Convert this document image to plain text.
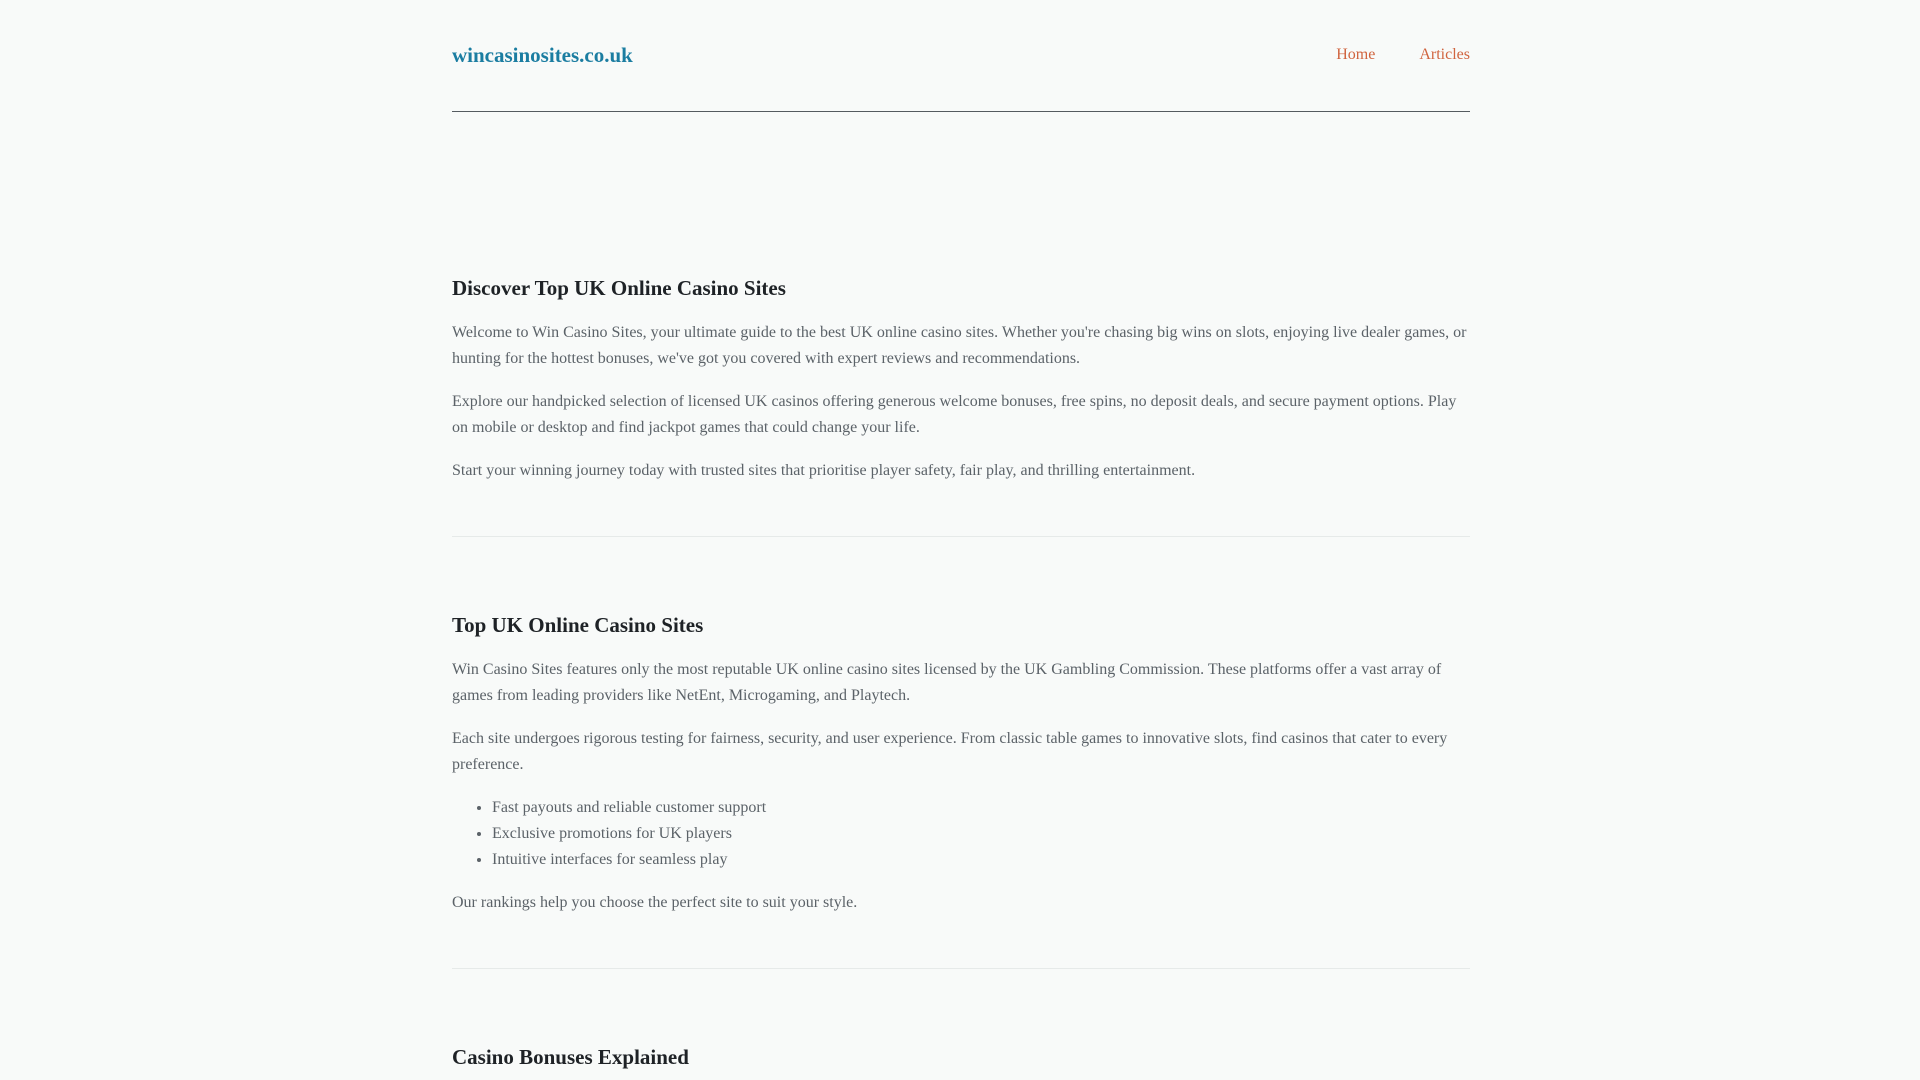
wincasinosites.co.uk	Home	Articles
Discover Top UK Online Casino Sites

Welcome to Win Casino Sites, your ultimate guide to the best UK online casino sites. Whether you're chasing big wins on slots, enjoying live dealer games, or hunting for the hottest bonuses, we've got you covered with expert reviews and recommendations.

Explore our handpicked selection of licensed UK casinos offering generous welcome bonuses, free spins, no deposit deals, and secure payment options. Play on mobile or desktop and find jackpot games that could change your life.

Start your winning journey today with trusted sites that prioritise player safety, fair play, and thrilling entertainment.

Top UK Online Casino Sites

Win Casino Sites features only the most reputable UK online casino sites licensed by the UK Gambling Commission. These platforms offer a vast array of games from leading providers like NetEnt, Microgaming, and Playtech.

Each site undergoes rigorous testing for fairness, security, and user experience. From classic table games to innovative slots, find casinos that cater to every preference.

• Fast payouts and reliable customer support
• Exclusive promotions for UK players
• Intuitive interfaces for seamless play

Our rankings help you choose the perfect site to suit your style.

Casino Bonuses Explained
